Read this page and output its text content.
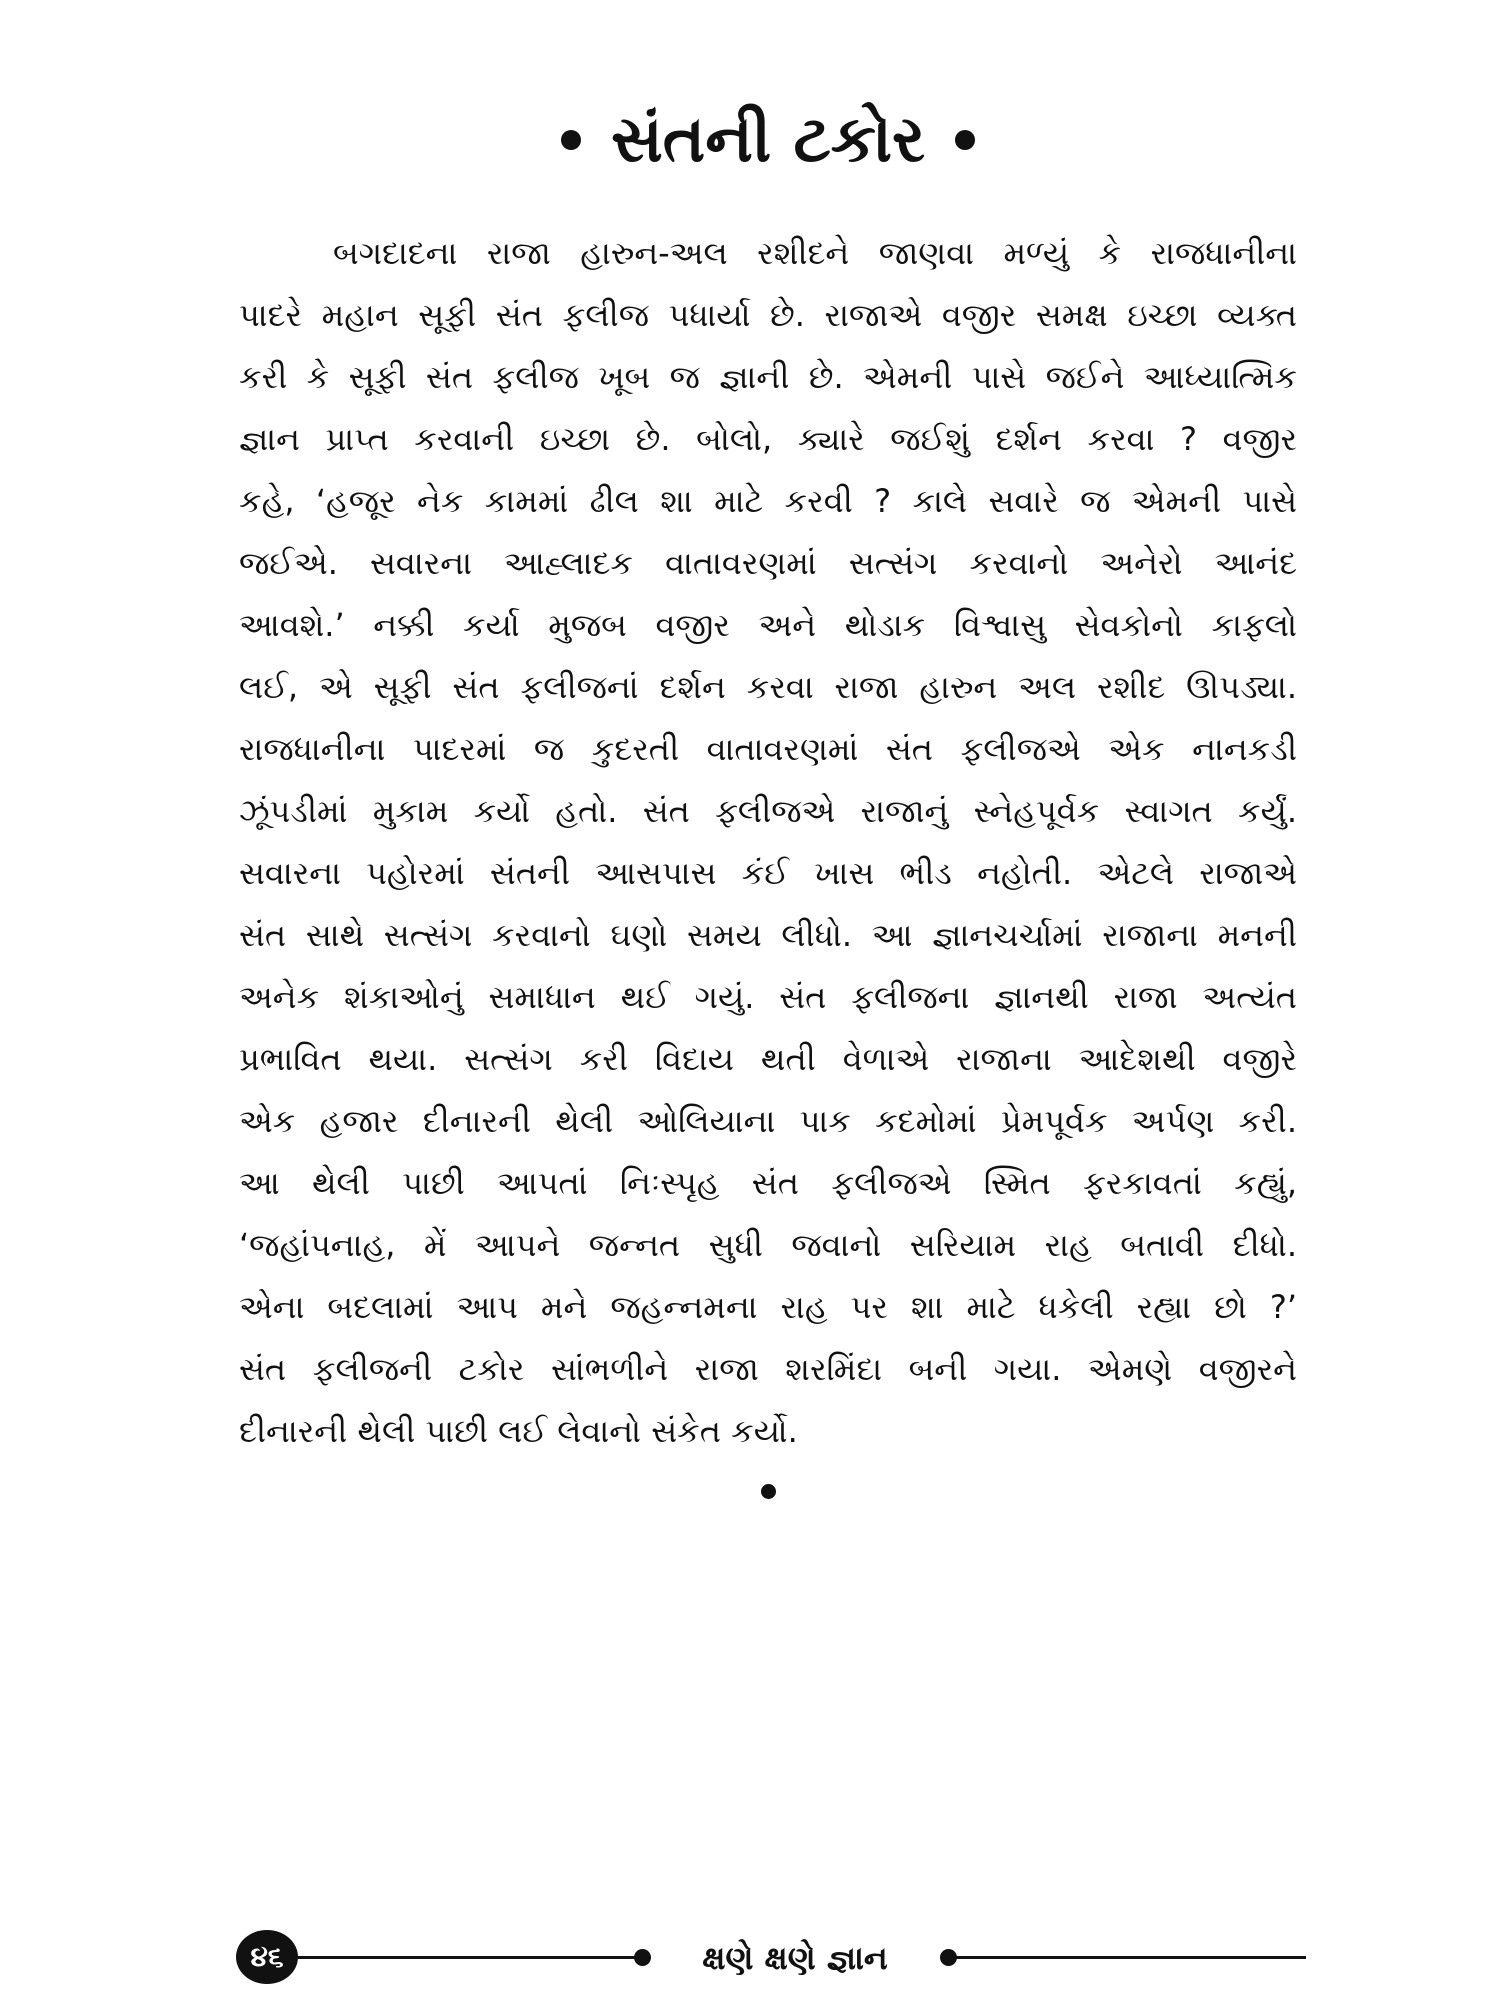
સંતની ટકોર
બગદાદના રાજા હારુન-અલ રશીદને જાણવા મળ્યું કે રાજધાનીના
પાદરે મહાન સૂફી સંત ફલીજ પધાર્યા છે. રાજાએ વજીર સમક્ષ ઇચ્છા વ્યક્ત
કરી કે સૂફી સંત ફલીજ ખૂબ જ જ્ઞાની છે. એમની પાસે જઈને આધ્યાત્મિક
જ્ઞાન પ્રાપ્ત કરવાની ઇચ્છા છે. બોલો, ક્યારે જઈશું દર્શન કરવા ? વજીર
કહે, ‘હજૂર નેક કામમાં ઢીલ શા માટે કરવી ? કાલે સવારે જ એમની પાસે
જઈએ. સવારના આહ્લાદક વાતાવરણમાં સત્સંગ કરવાનો અનેરો આનંદ
આવશે.’ નક્કી કર્યા મુજબ વજીર અને થોડાક વિશ્વાસુ સેવકોનો કાફલો
લઈ, એ સૂફી સંત ફલીજનાં દર્શન કરવા રાજા હારુન અલ રશીદ ઊપડ્યા.
રાજધાનીના પાદરમાં જ કુદરતી વાતાવરણમાં સંત ફલીજએ એક નાનકડી
ઝૂંપડીમાં મુકામ કર્યો હતો. સંત ફલીજએ રાજાનું સ્નેહપૂર્વક સ્વાગત કર્યું.
સવારના પહોરમાં સંતની આસપાસ કંઈ ખાસ ભીડ નહોતી. એટલે રાજાએ
સંત સાથે સત્સંગ કરવાનો ઘણો સમય લીધો. આ જ્ઞાનચર્ચામાં રાજાના મનની
અનેક શંકાઓનું સમાધાન થઈ ગયું. સંત ફલીજના જ્ઞાનથી રાજા અત્યંત
પ્રભાવિત થયા. સત્સંગ કરી વિદાય થતી વેળાએ રાજાના આદેશથી વજીરે
એક હજાર દીનારની થેલી ઓલિયાના પાક કદમોમાં પ્રેમપૂર્વક અર્પણ કરી.
આ થેલી પાછી આપતાં નિઃસ્પૃહ સંત ફલીજએ સ્મિત ફરકાવતાં કહ્યું,
‘જહાંપનાહ, મેં આપને જન્નત સુધી જવાનો સરિયામ રાહ બતાવી દીધો.
એના બદલામાં આપ મને જહન્નમના રાહ પર શા માટે ધકેલી રહ્યા છો ?’
સંત ફલીજની ટકોર સાંભળીને રાજા શરમિંદા બની ગયા. એમણે વજીરને
દીનારની થેલી પાછી લઈ લેવાનો સંકેત કર્યો.
૪૬	ક્ષણે ક્ષણે જ્ઞાન
